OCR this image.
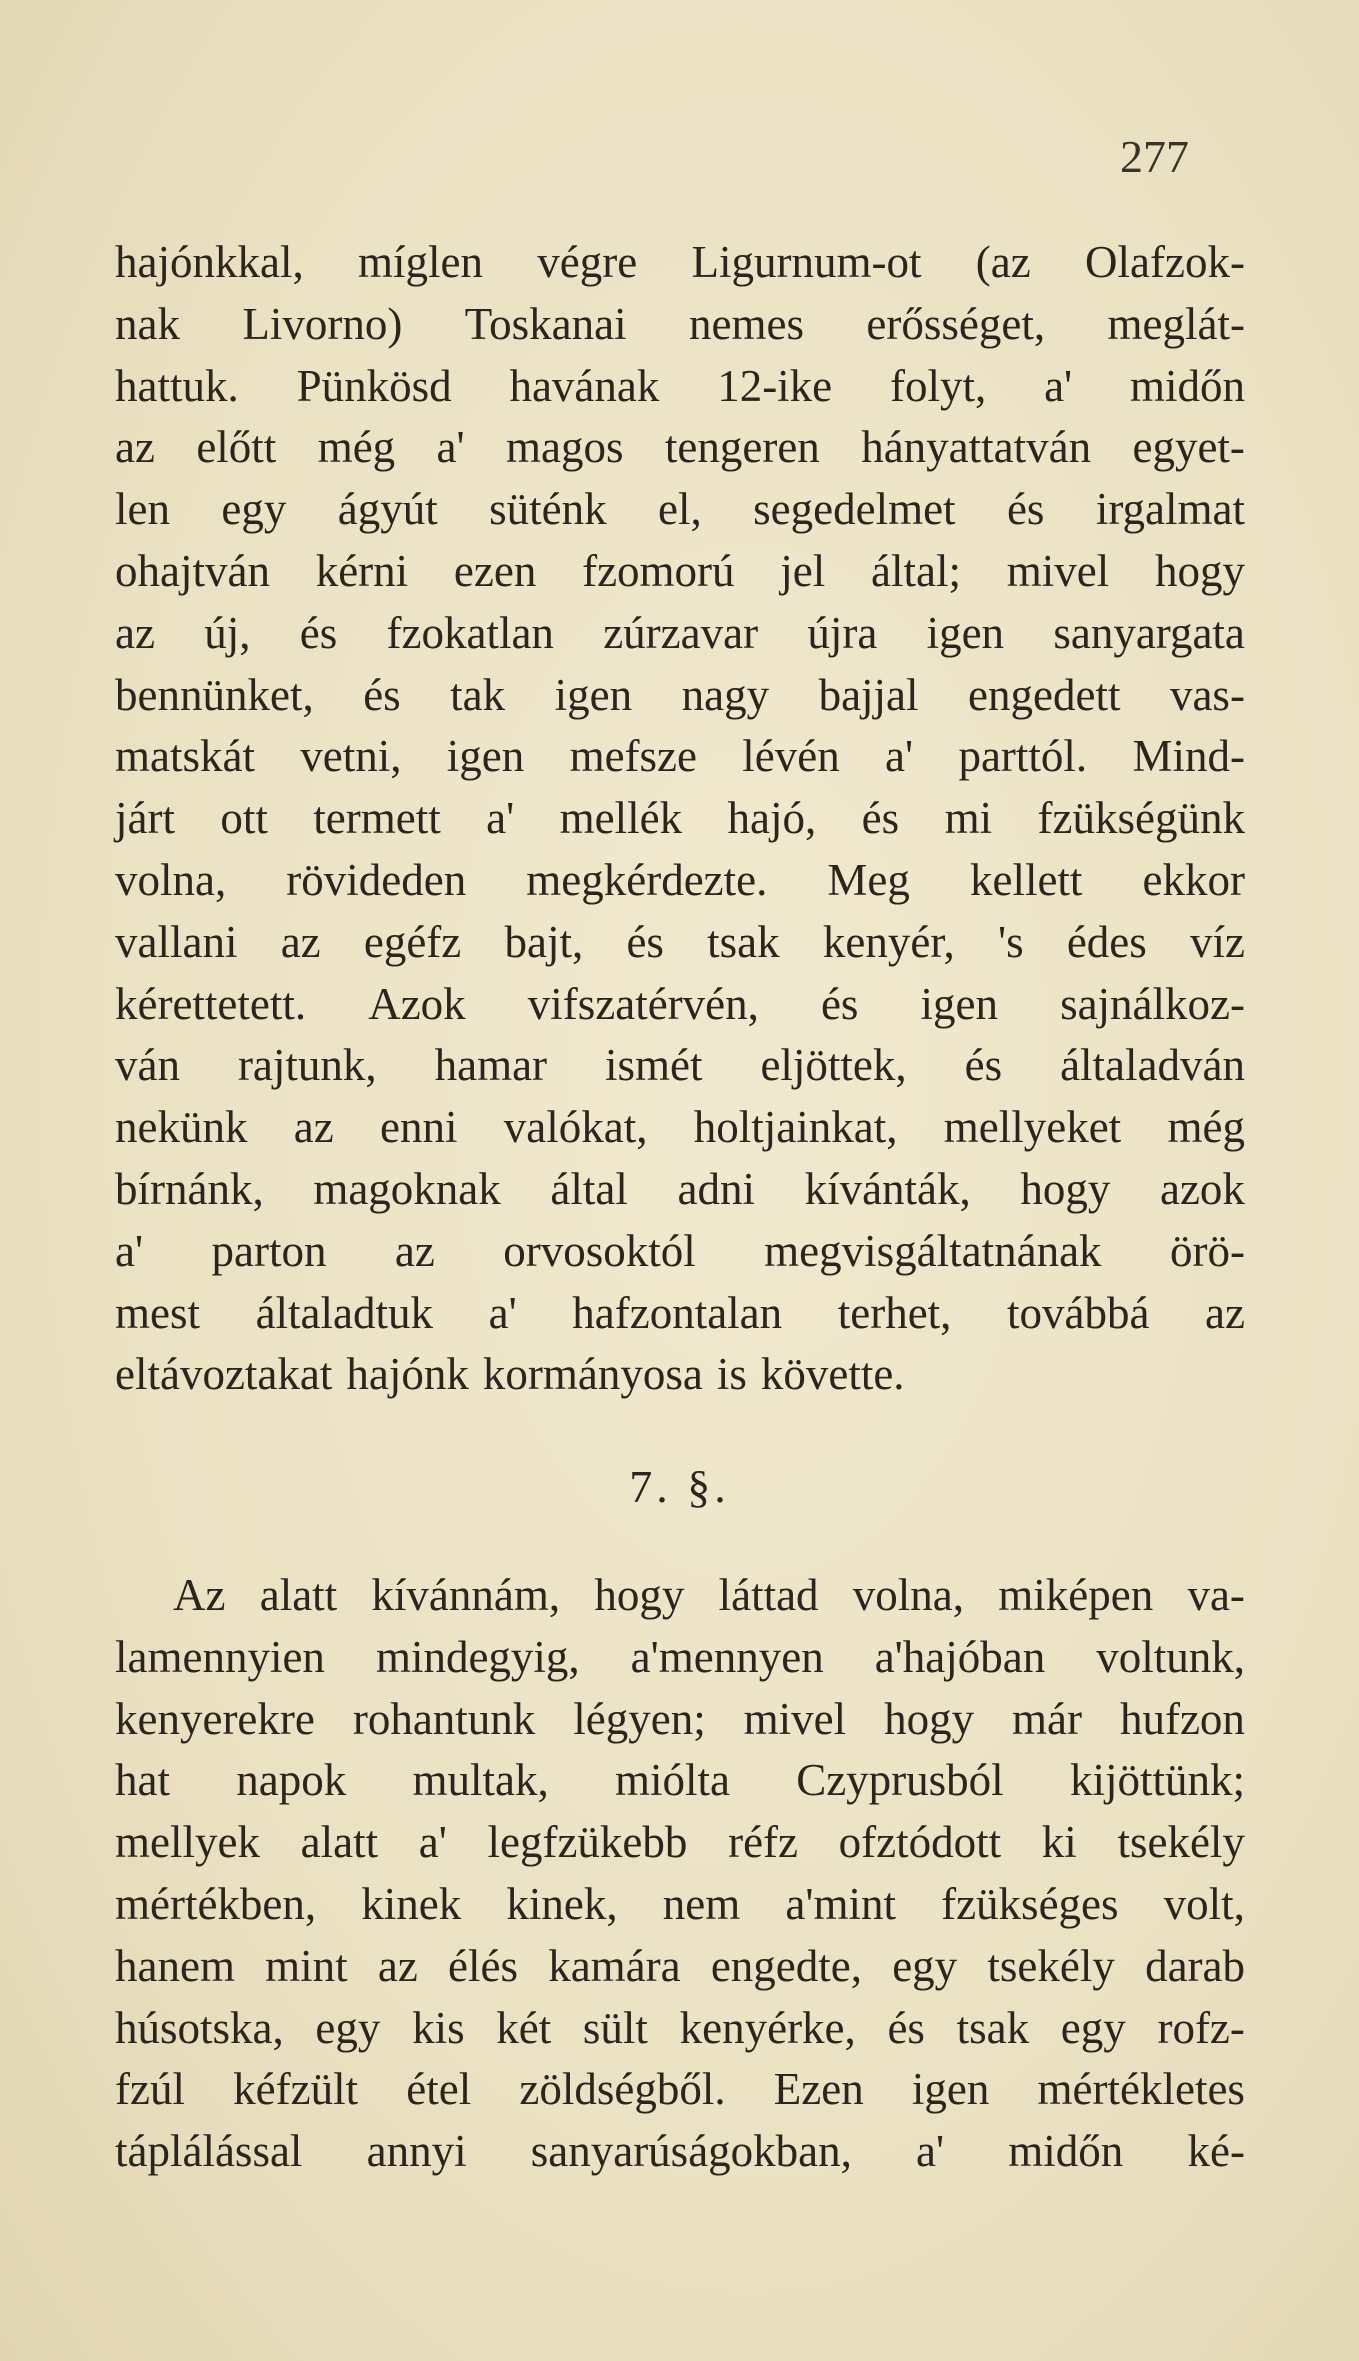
277
hajónkkal, míglen végre Ligurnum-ot (az Olafzok-
nak Livorno) Toskanai nemes erősséget, meglát-
hattuk. Pünkösd havának 12-ike folyt, a' midőn
az előtt még a' magos tengeren hányattatván egyet-
len egy ágyút süténk el, segedelmet és irgalmat
ohajtván kérni ezen fzomorú jel által; mivel hogy
az új, és fzokatlan zúrzavar újra igen sanyargata
bennünket, és tak igen nagy bajjal engedett vas-
matskát vetni, igen mefsze lévén a' parttól. Mind-
járt ott termett a' mellék hajó, és mi fzükségünk
volna, rövideden megkérdezte. Meg kellett ekkor
vallani az egéfz bajt, és tsak kenyér, 's édes víz
kérettetett. Azok vifszatérvén, és igen sajnálkoz-
ván rajtunk, hamar ismét eljöttek, és általadván
nekünk az enni valókat, holtjainkat, mellyeket még
bírnánk, magoknak által adni kívánták, hogy azok
a' parton az orvosoktól megvisgáltatnának örö-
mest általadtuk a' hafzontalan terhet, továbbá az
eltávoztakat hajónk kormányosa is követte.
7. §.
Az alatt kívánnám, hogy láttad volna, miképen va-
lamennyien mindegyig, a'mennyen a'hajóban voltunk,
kenyerekre rohantunk légyen; mivel hogy már hufzon
hat napok multak, miólta Czyprusból kijöttünk;
mellyek alatt a' legfzükebb réfz ofztódott ki tsekély
mértékben, kinek kinek, nem a'mint fzükséges volt,
hanem mint az élés kamára engedte, egy tsekély darab
húsotska, egy kis két sült kenyérke, és tsak egy rofz-
fzúl kéfzült étel zöldségből. Ezen igen mértékletes
táplálással annyi sanyarúságokban, a' midőn ké-
